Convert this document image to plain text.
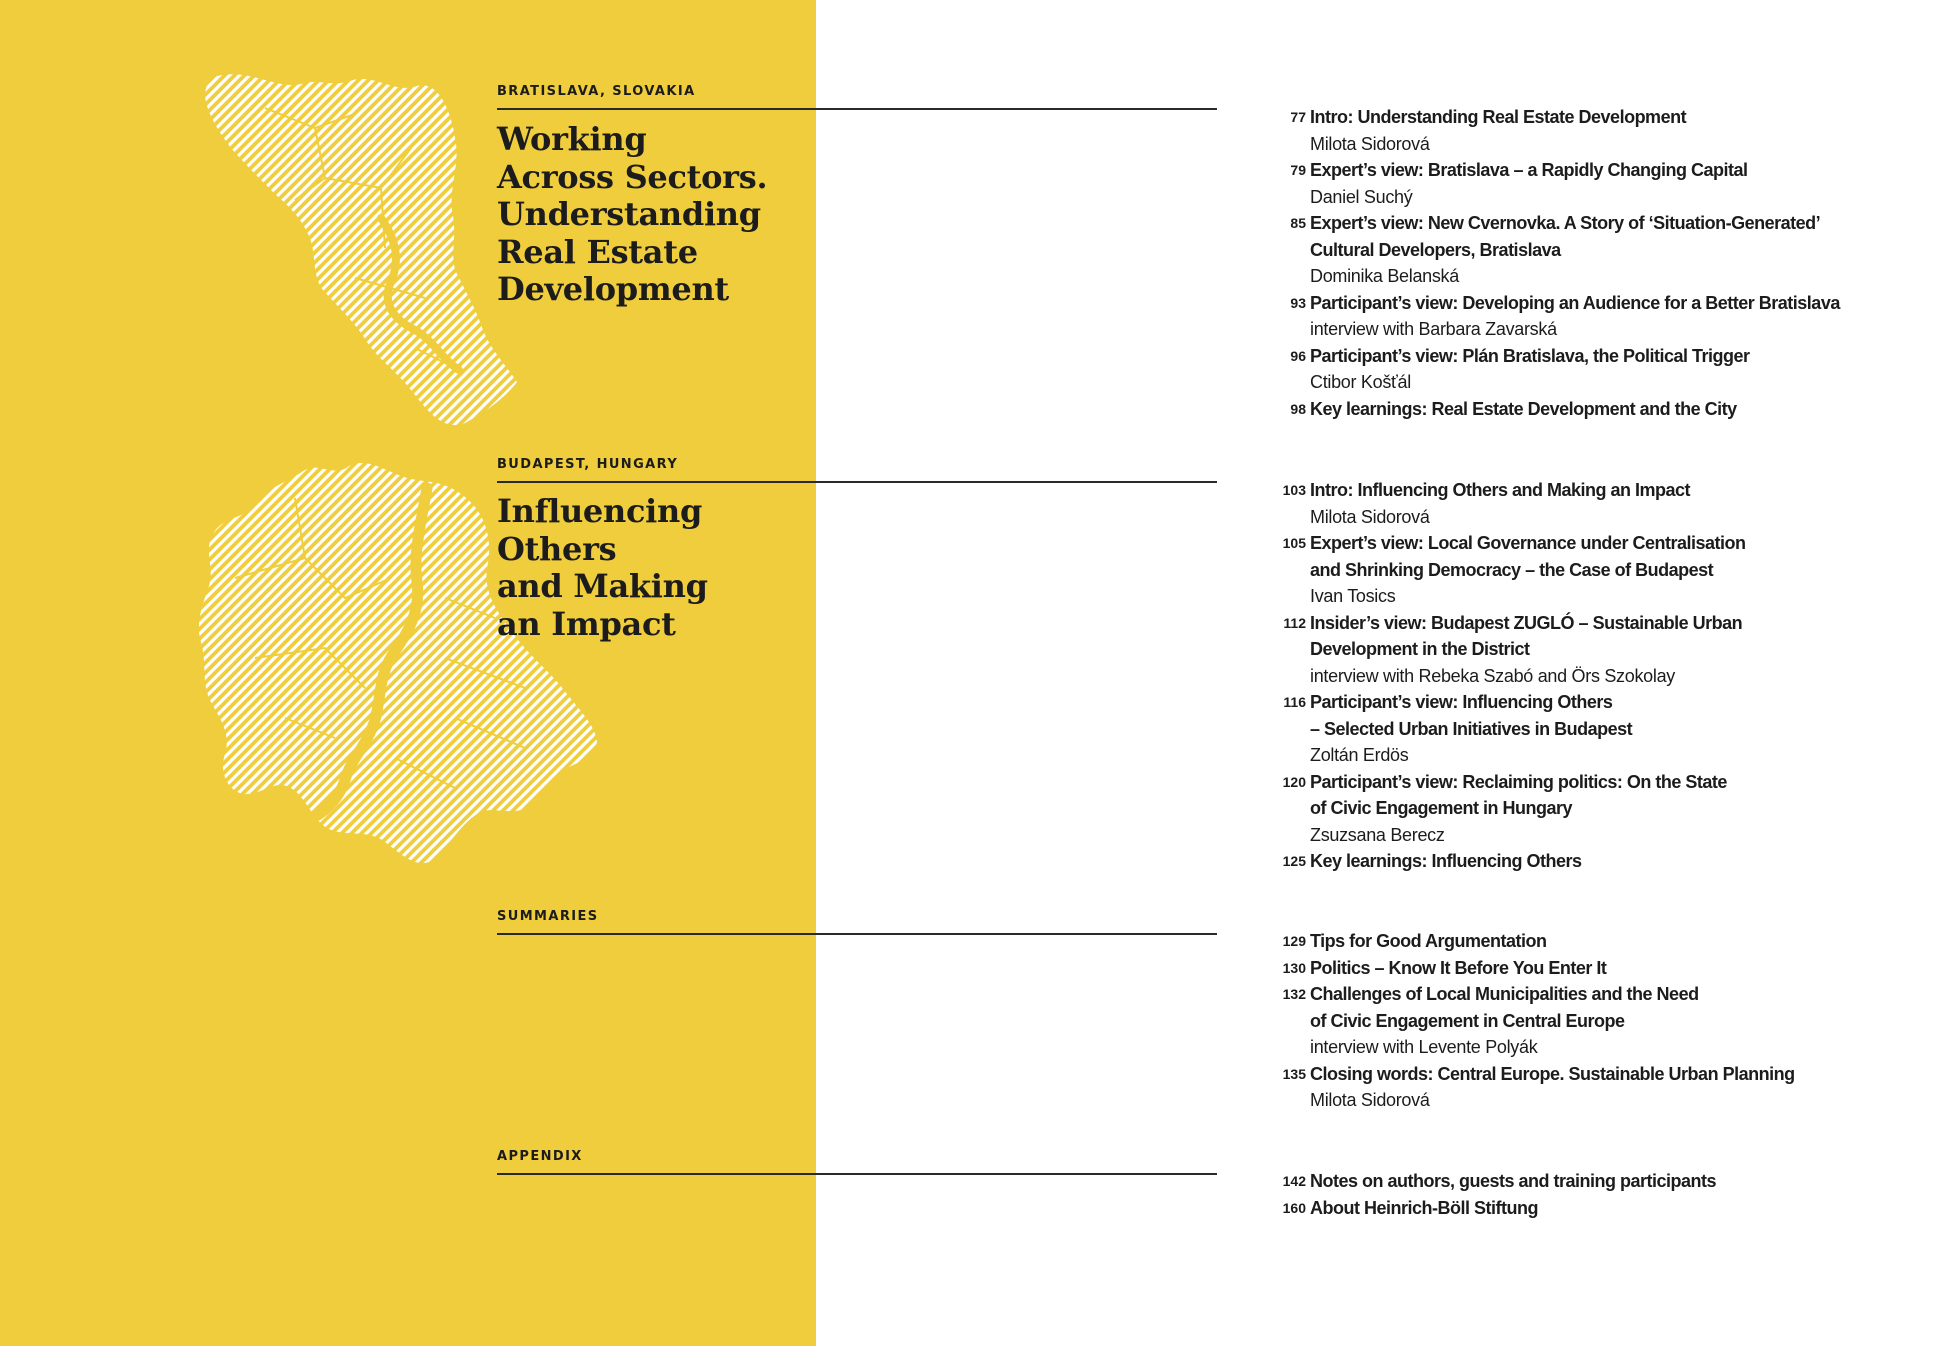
BRATISLAVA, SLOVAKIA
Working
Across Sectors.
Understanding
Real Estate
Development
77 Intro: Understanding Real Estate Development
Milota Sidorová
79 Expert’s view: Bratislava – a Rapidly Changing Capital
Daniel Suchý
85 Expert’s view: New Cvernovka. A Story of ‘Situation-Generated’
Cultural Developers, Bratislava
Dominika Belanská
93 Participant’s view: Developing an Audience for a Better Bratislava
interview with Barbara Zavarská
96 Participant’s view: Plán Bratislava, the Political Trigger
Ctibor Košťál
98 Key learnings: Real Estate Development and the City
BUDAPEST, HUNGARY
Influencing
Others
and Making
an Impact
103 Intro: Influencing Others and Making an Impact
Milota Sidorová
105 Expert’s view: Local Governance under Centralisation
and Shrinking Democracy – the Case of Budapest
Ivan Tosics
112 Insider’s view: Budapest ZUGLÓ – Sustainable Urban
Development in the District
interview with Rebeka Szabó and Örs Szokolay
116 Participant’s view: Influencing Others
– Selected Urban Initiatives in Budapest
Zoltán Erdös
120 Participant’s view: Reclaiming politics: On the State
of Civic Engagement in Hungary
Zsuzsana Berecz
125 Key learnings: Influencing Others
SUMMARIES
129 Tips for Good Argumentation
130 Politics – Know It Before You Enter It
132 Challenges of Local Municipalities and the Need
of Civic Engagement in Central Europe
interview with Levente Polyák
135 Closing words: Central Europe. Sustainable Urban Planning
Milota Sidorová
APPENDIX
142 Notes on authors, guests and training participants
160 About Heinrich-Böll Stiftung
